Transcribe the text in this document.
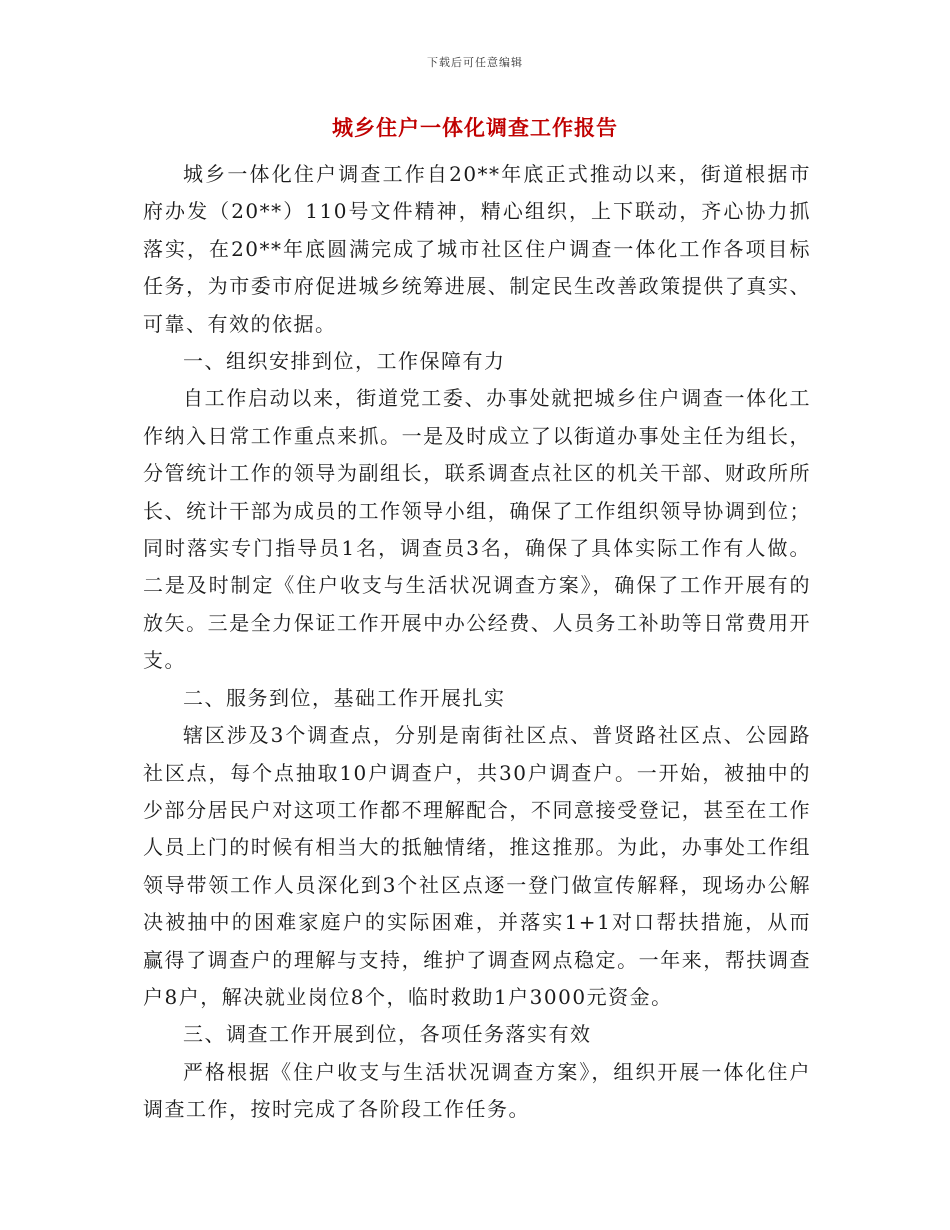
下载后可任意编辑
城乡住户一体化调查工作报告

城乡一体化住户调查工作自20**年底正式推动以来，街道根据市府办发（20**）110号文件精神，精心组织，上下联动，齐心协力抓落实，在20**年底圆满完成了城市社区住户调查一体化工作各项目标任务，为市委市府促进城乡统筹进展、制定民生改善政策提供了真实、可靠、有效的依据。

一、组织安排到位，工作保障有力

自工作启动以来，街道党工委、办事处就把城乡住户调查一体化工作纳入日常工作重点来抓。一是及时成立了以街道办事处主任为组长，分管统计工作的领导为副组长，联系调查点社区的机关干部、财政所所长、统计干部为成员的工作领导小组，确保了工作组织领导协调到位；同时落实专门指导员1名，调查员3名，确保了具体实际工作有人做。二是及时制定《住户收支与生活状况调查方案》，确保了工作开展有的放矢。三是全力保证工作开展中办公经费、人员务工补助等日常费用开支。

二、服务到位，基础工作开展扎实

辖区涉及3个调查点，分别是南街社区点、普贤路社区点、公园路社区点，每个点抽取10户调查户，共30户调查户。一开始，被抽中的少部分居民户对这项工作都不理解配合，不同意接受登记，甚至在工作人员上门的时候有相当大的抵触情绪，推这推那。为此，办事处工作组领导带领工作人员深化到3个社区点逐一登门做宣传解释，现场办公解决被抽中的困难家庭户的实际困难，并落实1+1对口帮扶措施，从而赢得了调查户的理解与支持，维护了调查网点稳定。一年来，帮扶调查户8户，解决就业岗位8个，临时救助1户3000元资金。

三、调查工作开展到位，各项任务落实有效

严格根据《住户收支与生活状况调查方案》，组织开展一体化住户调查工作，按时完成了各阶段工作任务。
